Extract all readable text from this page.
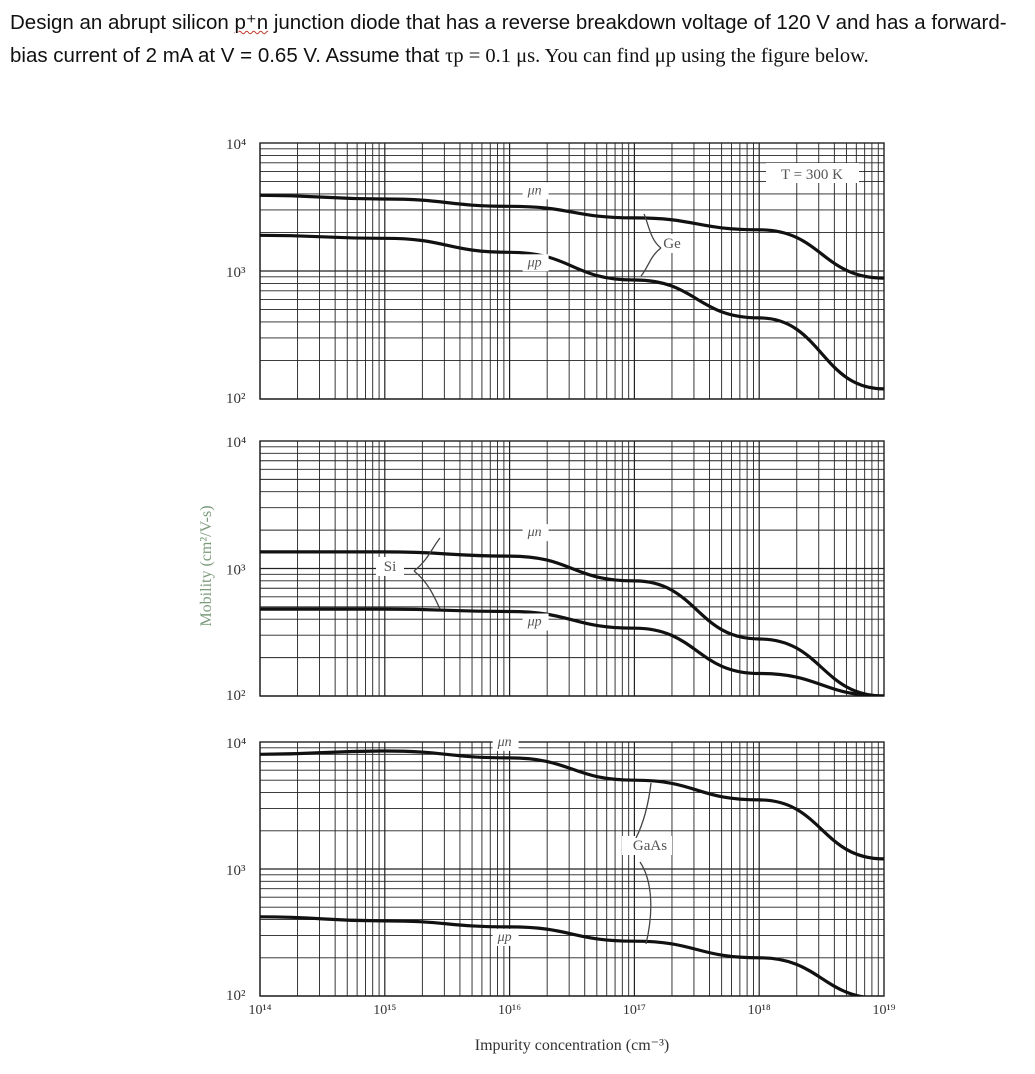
Design an abrupt silicon p⁺n junction diode that has a reverse breakdown voltage of 120 V and has a forward-bias current of 2 mA at V = 0.65 V. Assume that τp = 0.1 μs. You can find μp using the figure below.
10⁴
10³
10²
μn
μp
Ge
T = 300 K
10⁴
10³
10²
μn
μp
Si
10⁴
10³
10²
μn
μp
GaAs
10¹⁴	10¹⁵	10¹⁶	10¹⁷	10¹⁸	10¹⁹
Mobility (cm²/V-s)
Impurity concentration (cm⁻³)
